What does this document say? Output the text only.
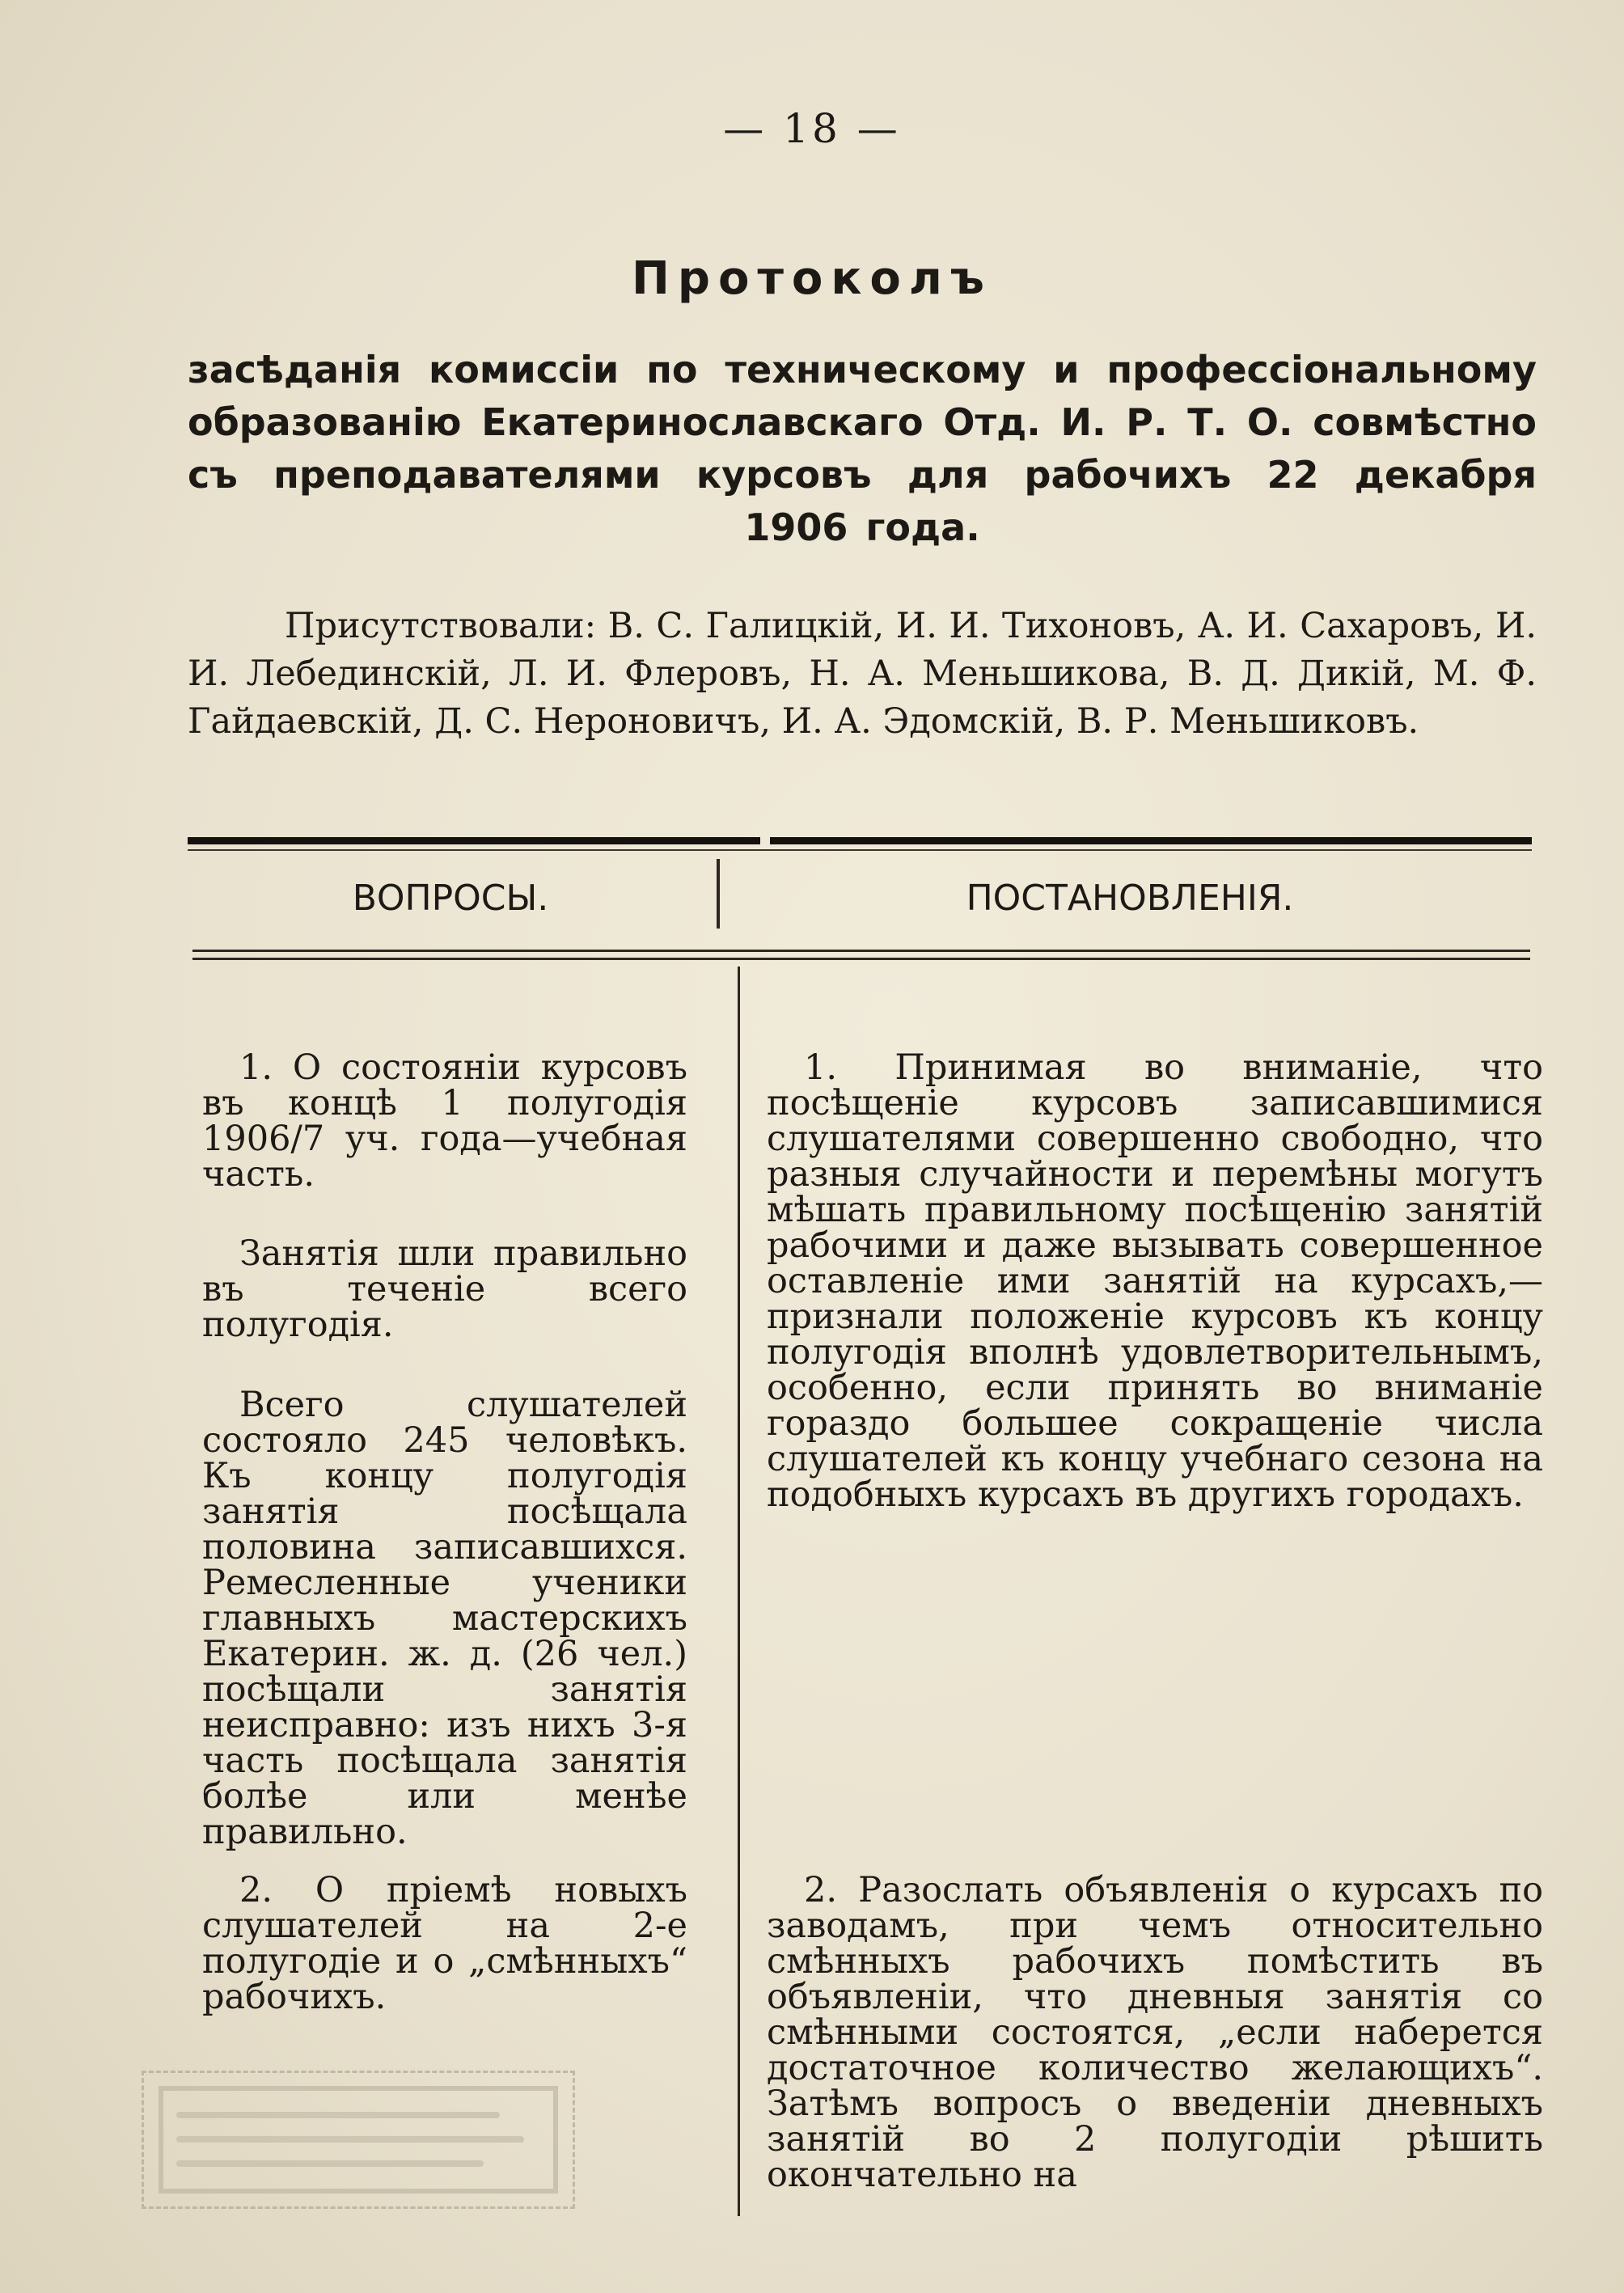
— 18 —
Протоколъ
засѣданія комиссіи по техническому и профессіональному образованію Екатеринославскаго Отд. И. Р. Т. О. совмѣстно съ преподавателями курсовъ для рабочихъ 22 декабря 1906 года.
Присутствовали: В. С. Галицкій, И. И. Тихоновъ, А. И. Сахаровъ, И. И. Лебединскій, Л. И. Флеровъ, Н. А. Меньшикова, В. Д. Дикій, М. Ф. Гайдаевскій, Д. С. Нероновичъ, И. А. Эдомскій, В. Р. Меньшиковъ.
ВОПРОСЫ.	ПОСТАНОВЛЕНІЯ.
1. О состояніи курсовъ въ концѣ 1 полугодія 1906/7 уч. года—учебная часть.
Занятія шли правильно въ теченіе всего полугодія.
Всего слушателей состояло 245 человѣкъ. Къ концу полугодія занятія посѣщала половина записавшихся. Ремесленные ученики главныхъ мастерскихъ Екатерин. ж. д. (26 чел.) посѣщали занятія неисправно: изъ нихъ 3-я часть посѣщала занятія болѣе или менѣе правильно.
2. О пріемѣ новыхъ слушателей на 2-е полугодіе и о „смѣнныхъ“ рабочихъ.
1. Принимая во вниманіе, что посѣщеніе курсовъ записавшимися слушателями совершенно свободно, что разныя случайности и перемѣны могутъ мѣшать правильному посѣщенію занятій рабочими и даже вызывать совершенное оставленіе ими занятій на курсахъ,— признали положеніе курсовъ къ концу полугодія вполнѣ удовлетворительнымъ, особенно, если принять во вниманіе гораздо большее сокращеніе числа слушателей къ концу учебнаго сезона на подобныхъ курсахъ въ другихъ городахъ.
2. Разослать объявленія о курсахъ по заводамъ, при чемъ относительно смѣнныхъ рабочихъ помѣстить въ объявленіи, что дневныя занятія со смѣнными состоятся, „если наберется достаточное количество желающихъ“. Затѣмъ вопросъ о введеніи дневныхъ занятій во 2 полугодіи рѣшить окончательно на
